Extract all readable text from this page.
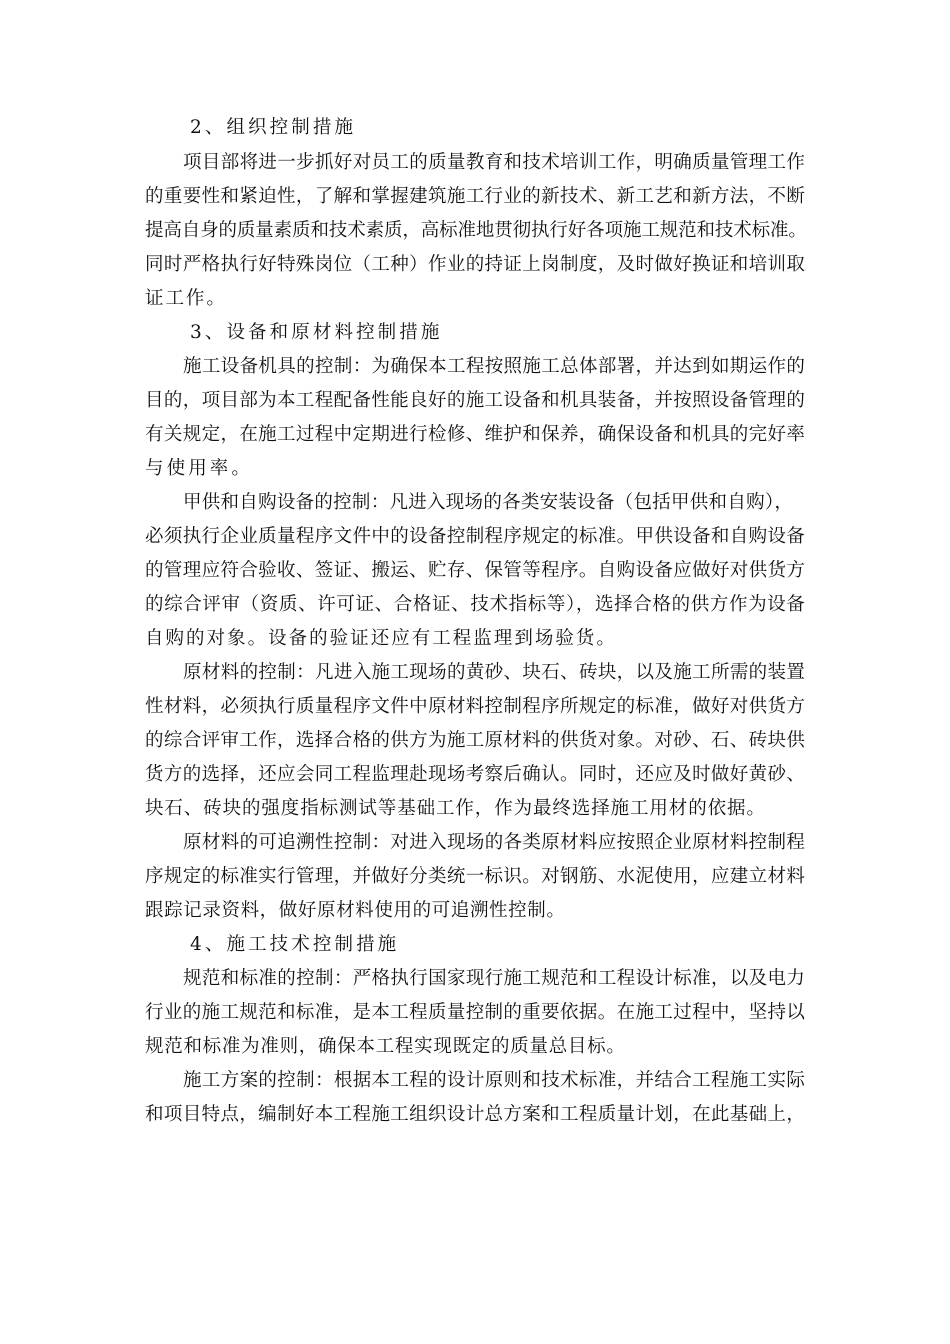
2、组织控制措施
项目部将进一步抓好对员工的质量教育和技术培训工作，明确质量管理工作
的重要性和紧迫性，了解和掌握建筑施工行业的新技术、新工艺和新方法，不断
提高自身的质量素质和技术素质，高标准地贯彻执行好各项施工规范和技术标准。
同时严格执行好特殊岗位（工种）作业的持证上岗制度，及时做好换证和培训取
证工作。
3、设备和原材料控制措施
施工设备机具的控制：为确保本工程按照施工总体部署，并达到如期运作的
目的，项目部为本工程配备性能良好的施工设备和机具装备，并按照设备管理的
有关规定，在施工过程中定期进行检修、维护和保养，确保设备和机具的完好率
与使用率。
甲供和自购设备的控制：凡进入现场的各类安装设备（包括甲供和自购），
必须执行企业质量程序文件中的设备控制程序规定的标准。甲供设备和自购设备
的管理应符合验收、签证、搬运、贮存、保管等程序。自购设备应做好对供货方
的综合评审（资质、许可证、合格证、技术指标等），选择合格的供方作为设备
自购的对象。设备的验证还应有工程监理到场验货。
原材料的控制：凡进入施工现场的黄砂、块石、砖块，以及施工所需的装置
性材料，必须执行质量程序文件中原材料控制程序所规定的标准，做好对供货方
的综合评审工作，选择合格的供方为施工原材料的供货对象。对砂、石、砖块供
货方的选择，还应会同工程监理赴现场考察后确认。同时，还应及时做好黄砂、
块石、砖块的强度指标测试等基础工作，作为最终选择施工用材的依据。
原材料的可追溯性控制：对进入现场的各类原材料应按照企业原材料控制程
序规定的标准实行管理，并做好分类统一标识。对钢筋、水泥使用，应建立材料
跟踪记录资料，做好原材料使用的可追溯性控制。
4、施工技术控制措施
规范和标准的控制：严格执行国家现行施工规范和工程设计标准，以及电力
行业的施工规范和标准，是本工程质量控制的重要依据。在施工过程中，坚持以
规范和标准为准则，确保本工程实现既定的质量总目标。
施工方案的控制：根据本工程的设计原则和技术标准，并结合工程施工实际
和项目特点，编制好本工程施工组织设计总方案和工程质量计划，在此基础上，
